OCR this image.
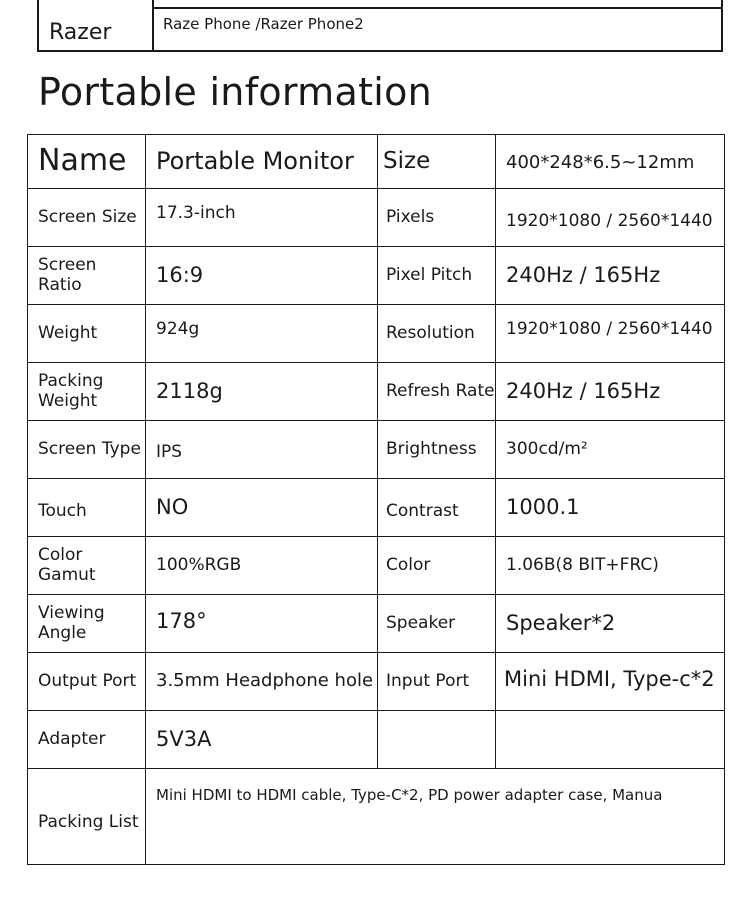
Razer	Raze Phone /Razer Phone2
Portable information
Name	Portable Monitor	Size	400*248*6.5~12mm
Screen Size	17.3-inch	Pixels	1920*1080 / 2560*1440
Screen Ratio	16:9	Pixel Pitch	240Hz / 165Hz
Weight	924g	Resolution	1920*1080 / 2560*1440
Packing Weight	2118g	Refresh Rate	240Hz / 165Hz
Screen Type	IPS	Brightness	300cd/m²
Touch	NO	Contrast	1000.1
Color Gamut	100%RGB	Color	1.06B(8 BIT+FRC)
Viewing Angle	178°	Speaker	Speaker*2
Output Port	3.5mm Headphone hole	Input Port	Mini HDMI, Type-c*2
Adapter	5V3A		
Packing List	Mini HDMI to HDMI cable, Type-C*2, PD power adapter case, Manua		
